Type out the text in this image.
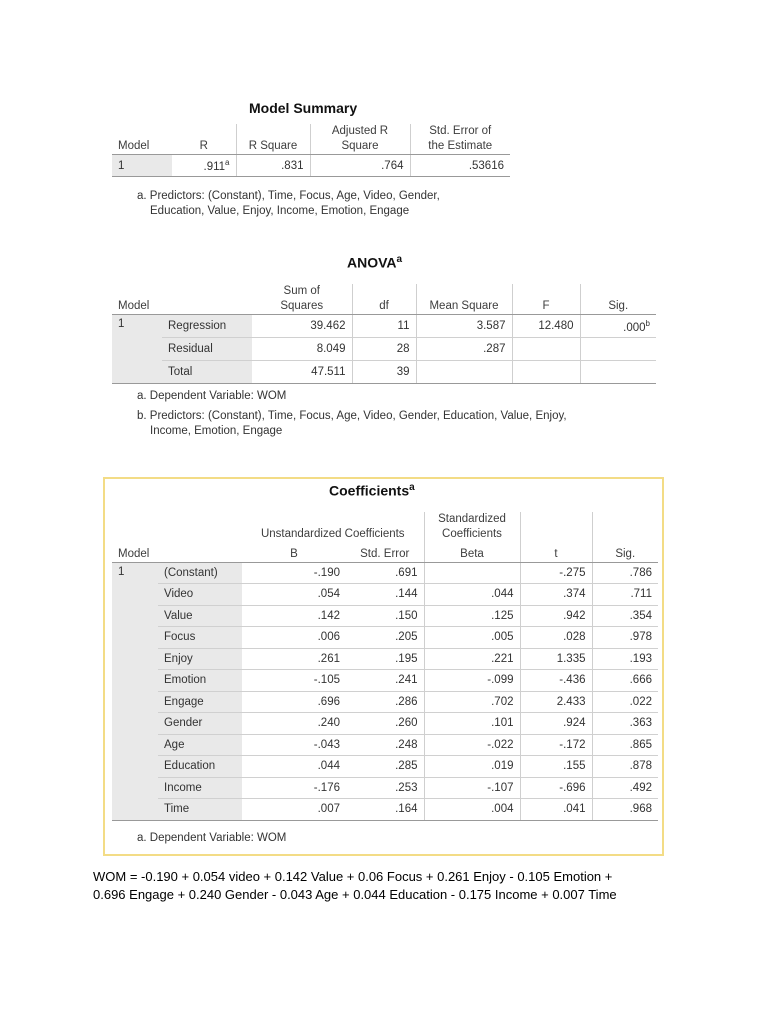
Model Summary
			Adjusted R	Std. Error of
Model	R	R Square	Square	the Estimate
1	.911$^a$	.831	.764	.53616
a. Predictors: (Constant), Time, Focus, Age, Video, Gender,
Education, Value, Enjoy, Income, Emotion, Engage
ANOVA$^a$
		Sum of				
Model		Squares	df	Mean Square	F	Sig.
1	Regression	39.462	11	3.587	12.480	.000$^b$
	Residual	8.049	28	.287		
	Total	47.511	39			
a. Dependent Variable: WOM
b. Predictors: (Constant), Time, Focus, Age, Video, Gender, Education, Value, Enjoy,
Income, Emotion, Engage
Coefficients$^a$
		Unstandardized Coefficients		Standardized
Coefficients		

Model		B	Std. Error	Beta	t	Sig.
1	(Constant)	-.190	.691		-.275	.786
	Video	.054	.144	.044	.374	.711
	Value	.142	.150	.125	.942	.354
	Focus	.006	.205	.005	.028	.978
	Enjoy	.261	.195	.221	1.335	.193
	Emotion	-.105	.241	-.099	-.436	.666
	Engage	.696	.286	.702	2.433	.022
	Gender	.240	.260	.101	.924	.363
	Age	-.043	.248	-.022	-.172	.865
	Education	.044	.285	.019	.155	.878
	Income	-.176	.253	-.107	-.696	.492
	Time	.007	.164	.004	.041	.968
a. Dependent Variable: WOM
WOM = -0.190 + 0.054 video + 0.142 Value + 0.06 Focus + 0.261 Enjoy - 0.105 Emotion +
0.696 Engage + 0.240 Gender - 0.043 Age + 0.044 Education - 0.175 Income + 0.007 Time
